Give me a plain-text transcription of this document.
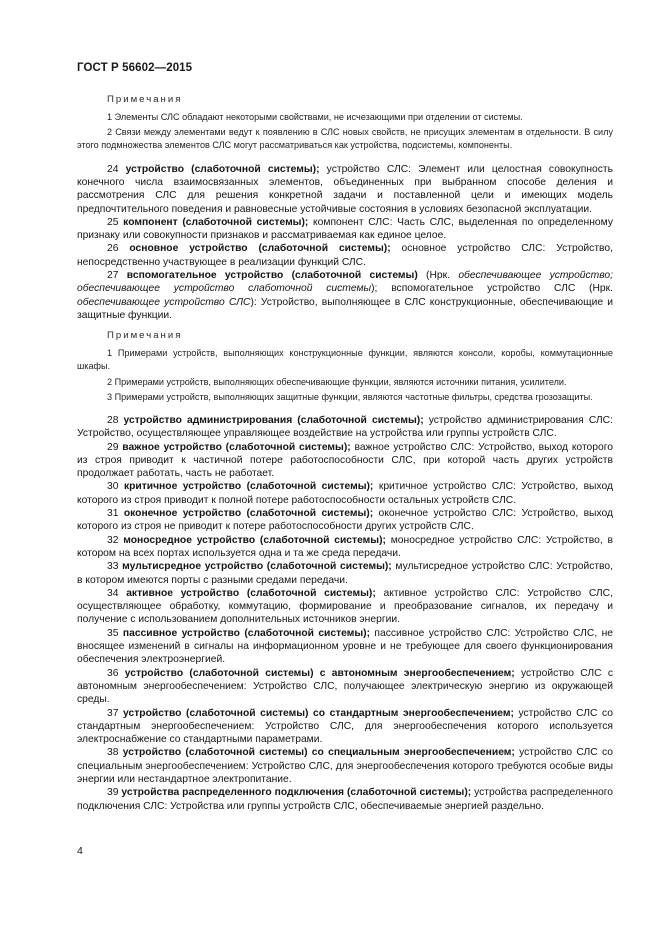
ГОСТ Р 56602—2015
Примечания

1 Элементы СЛС обладают некоторыми свойствами, не исчезающими при отделении от системы.

2 Связи между элементами ведут к появлению в СЛС новых свойств, не присущих элементам в отдельности. В силу этого подмножества элементов СЛС могут рассматриваться как устройства, подсистемы, компоненты.

24 устройство (слаботочной системы); устройство СЛС: Элемент или целостная совокупность конечного числа взаимосвязанных элементов, объединенных при выбранном способе деления и рассмотрения СЛС для решения конкретной задачи и поставленной цели и имеющих модель предпочтительного поведения и равновесные устойчивые состояния в условиях безопасной эксплуатации.

25 компонент (слаботочной системы); компонент СЛС: Часть СЛС, выделенная по определенному признаку или совокупности признаков и рассматриваемая как единое целое.

26 основное устройство (слаботочной системы); основное устройство СЛС: Устройство, непосредственно участвующее в реализации функций СЛС.

27 вспомогательное устройство (слаботочной системы) (Нрк. обеспечивающее устройство; обеспечивающее устройство слаботочной системы); вспомогательное устройство СЛС (Нрк. обеспечивающее устройство СЛС): Устройство, выполняющее в СЛС конструкционные, обеспечивающие и защитные функции.

Примечания

1 Примерами устройств, выполняющих конструкционные функции, являются консоли, коробы, коммутационные шкафы.

2 Примерами устройств, выполняющих обеспечивающие функции, являются источники питания, усилители.

3 Примерами устройств, выполняющих защитные функции, являются частотные фильтры, средства грозозащиты.

28 устройство администрирования (слаботочной системы); устройство администрирования СЛС: Устройство, осуществляющее управляющее воздействие на устройства или группы устройств СЛС.

29 важное устройство (слаботочной системы); важное устройство СЛС: Устройство, выход которого из строя приводит к частичной потере работоспособности СЛС, при которой часть других устройств продолжает работать, часть не работает.

30 критичное устройство (слаботочной системы); критичное устройство СЛС: Устройство, выход которого из строя приводит к полной потере работоспособности остальных устройств СЛС.

31 оконечное устройство (слаботочной системы); оконечное устройство СЛС: Устройство, выход которого из строя не приводит к потере работоспособности других устройств СЛС.

32 моносредное устройство (слаботочной системы); моносредное устройство СЛС: Устройство, в котором на всех портах используется одна и та же среда передачи.

33 мультисредное устройство (слаботочной системы); мультисредное устройство СЛС: Устройство, в котором имеются порты с разными средами передачи.

34 активное устройство (слаботочной системы); активное устройство СЛС: Устройство СЛС, осуществляющее обработку, коммутацию, формирование и преобразование сигналов, их передачу и получение с использованием дополнительных источников энергии.

35 пассивное устройство (слаботочной системы); пассивное устройство СЛС: Устройство СЛС, не вносящее изменений в сигналы на информационном уровне и не требующее для своего функционирования обеспечения электроэнергией.

36 устройство (слаботочной системы) с автономным энергообеспечением; устройство СЛС с автономным энергообеспечением: Устройство СЛС, получающее электрическую энергию из окружающей среды.

37 устройство (слаботочной системы) со стандартным энергообеспечением; устройство СЛС со стандартным энергообеспечением: Устройство СЛС, для энергообеспечения которого используется электроснабжение со стандартными параметрами.

38 устройство (слаботочной системы) со специальным энергообеспечением; устройство СЛС со специальным энергообеспечением: Устройство СЛС, для энергообеспечения которого требуются особые виды энергии или нестандартное электропитание.

39 устройства распределенного подключения (слаботочной системы); устройства распределенного подключения СЛС: Устройства или группы устройств СЛС, обеспечиваемые энергией раздельно.

4
